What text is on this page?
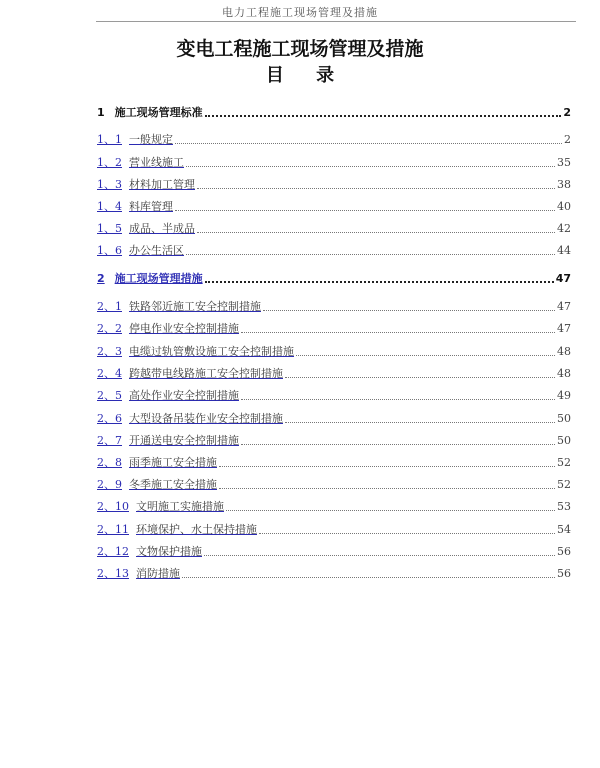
电力工程施工现场管理及措施
变电工程施工现场管理及措施
目 录
1 施工现场管理标准	2
1、1 一般规定	2
1、2 营业线施工	35
1、3 材料加工管理	38
1、4 料库管理	40
1、5 成品、半成品	42
1、6 办公生活区	44
2 施工现场管理措施	47
2、1 铁路邻近施工安全控制措施	47
2、2 停电作业安全控制措施	47
2、3 电缆过轨管敷设施工安全控制措施	48
2、4 跨越带电线路施工安全控制措施	48
2、5 高处作业安全控制措施	49
2、6 大型设备吊装作业安全控制措施	50
2、7 开通送电安全控制措施	50
2、8 雨季施工安全措施	52
2、9 冬季施工安全措施	52
2、10 文明施工实施措施	53
2、11 环境保护、水土保持措施	54
2、12 文物保护措施	56
2、13 消防措施	56
